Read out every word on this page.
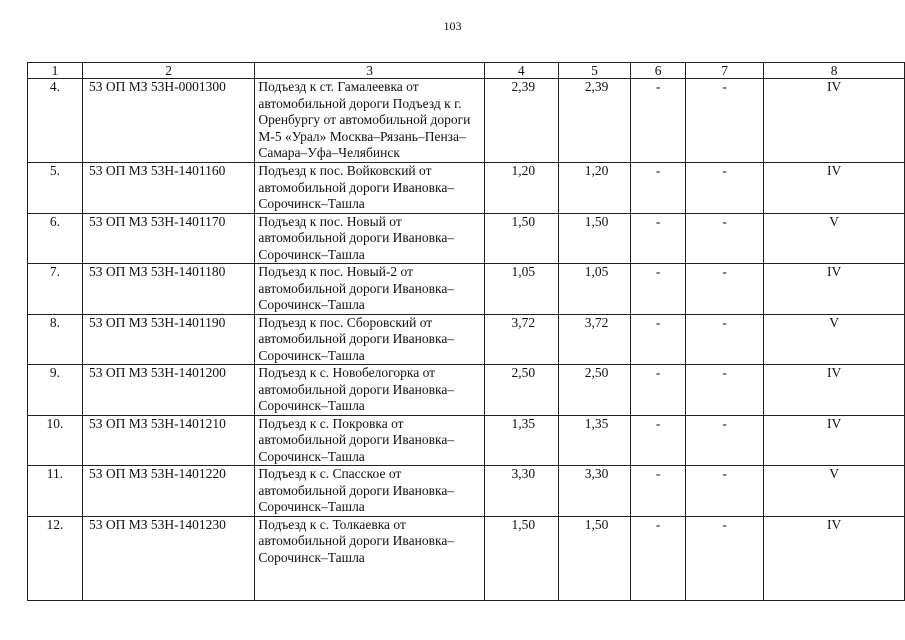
103
1	2	3	4	5	6	7	8
4.	53 ОП МЗ 53Н-0001300	Подъезд к ст. Гамалеевка от автомобильной дороги Подъезд к г. Оренбургу от автомобильной дороги М-5 «Урал» Москва–Рязань–Пенза–Самара–Уфа–Челябинск	2,39	2,39	-	-	IV
5.	53 ОП МЗ 53Н-1401160	Подъезд к пос. Войковский от автомобильной дороги Ивановка–Сорочинск–Ташла	1,20	1,20	-	-	IV
6.	53 ОП МЗ 53Н-1401170	Подъезд к пос. Новый от автомобильной дороги Ивановка–Сорочинск–Ташла	1,50	1,50	-	-	V
7.	53 ОП МЗ 53Н-1401180	Подъезд к пос. Новый-2 от автомобильной дороги Ивановка–Сорочинск–Ташла	1,05	1,05	-	-	IV
8.	53 ОП МЗ 53Н-1401190	Подъезд к пос. Сборовский от автомобильной дороги Ивановка–Сорочинск–Ташла	3,72	3,72	-	-	V
9.	53 ОП МЗ 53Н-1401200	Подъезд к с. Новобелогорка от автомобильной дороги Ивановка–Сорочинск–Ташла	2,50	2,50	-	-	IV
10.	53 ОП МЗ 53Н-1401210	Подъезд к с. Покровка от автомобильной дороги Ивановка–Сорочинск–Ташла	1,35	1,35	-	-	IV
11.	53 ОП МЗ 53Н-1401220	Подъезд к с. Спасское от автомобильной дороги Ивановка–Сорочинск–Ташла	3,30	3,30	-	-	V
12.	53 ОП МЗ 53Н-1401230	Подъезд к с. Толкаевка от автомобильной дороги Ивановка–Сорочинск–Ташла	1,50	1,50	-	-	IV
